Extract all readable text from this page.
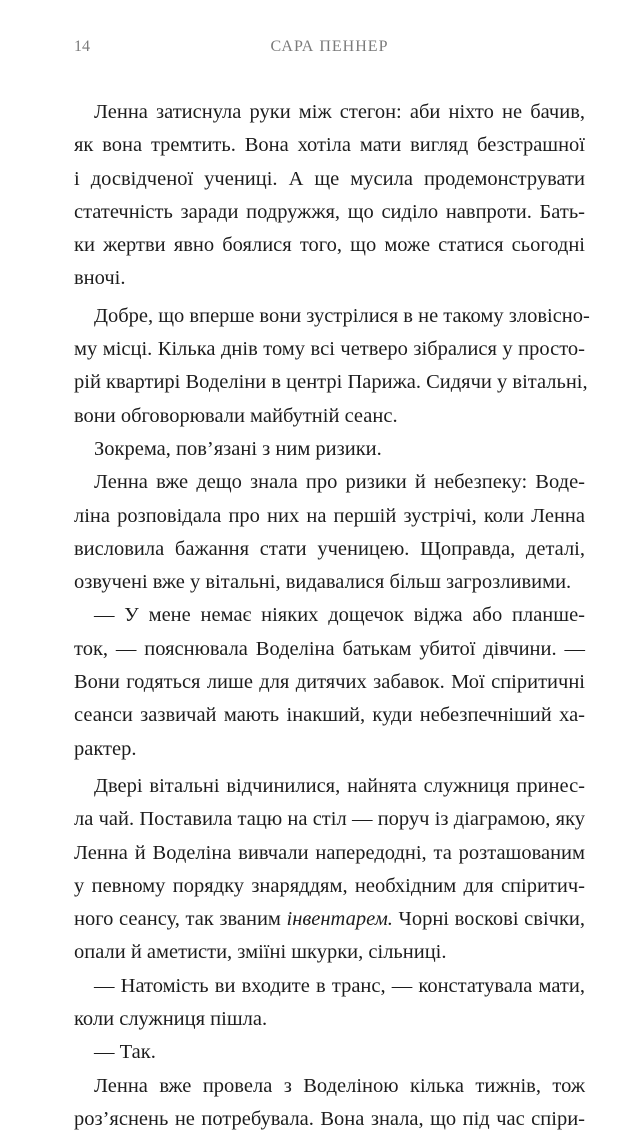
14	САРА ПЕННЕР
Ленна затиснула руки між стегон: аби ніхто не бачив,
як вона тремтить. Вона хотіла мати вигляд безстрашної
і досвідченої учениці. А ще мусила продемонструвати
статечність заради подружжя, що сиділо навпроти. Бать-
ки жертви явно боялися того, що може статися сьогодні
вночі.
Добре, що вперше вони зустрілися в не такому зловісно-
му місці. Кілька днів тому всі четверо зібралися у просто-
рій квартирі Воделіни в центрі Парижа. Сидячи у вітальні,
вони обговорювали майбутній сеанс.
Зокрема, пов’язані з ним ризики.
Ленна вже дещо знала про ризики й небезпеку: Воде-
ліна розповідала про них на першій зустрічі, коли Ленна
висловила бажання стати ученицею. Щоправда, деталі,
озвучені вже у вітальні, видавалися більш загрозливими.
— У мене немає ніяких дощечок віджа або планше-
ток, — пояснювала Воделіна батькам убитої дівчини. —
Вони годяться лише для дитячих забавок. Мої спіритичні
сеанси зазвичай мають інакший, куди небезпечніший ха-
рактер.
Двері вітальні відчинилися, найнята служниця принес-
ла чай. Поставила тацю на стіл — поруч із діаграмою, яку
Ленна й Воделіна вивчали напередодні, та розташованим
у певному порядку знаряддям, необхідним для спіритич-
ного сеансу, так званим інвентарем. Чорні воскові свічки,
опали й аметисти, зміїні шкурки, сільниці.
— Натомість ви входите в транс, — констатувала мати,
коли служниця пішла.
— Так.
Ленна вже провела з Воделіною кілька тижнів, тож
роз’яснень не потребувала. Вона знала, що під час спіри-
